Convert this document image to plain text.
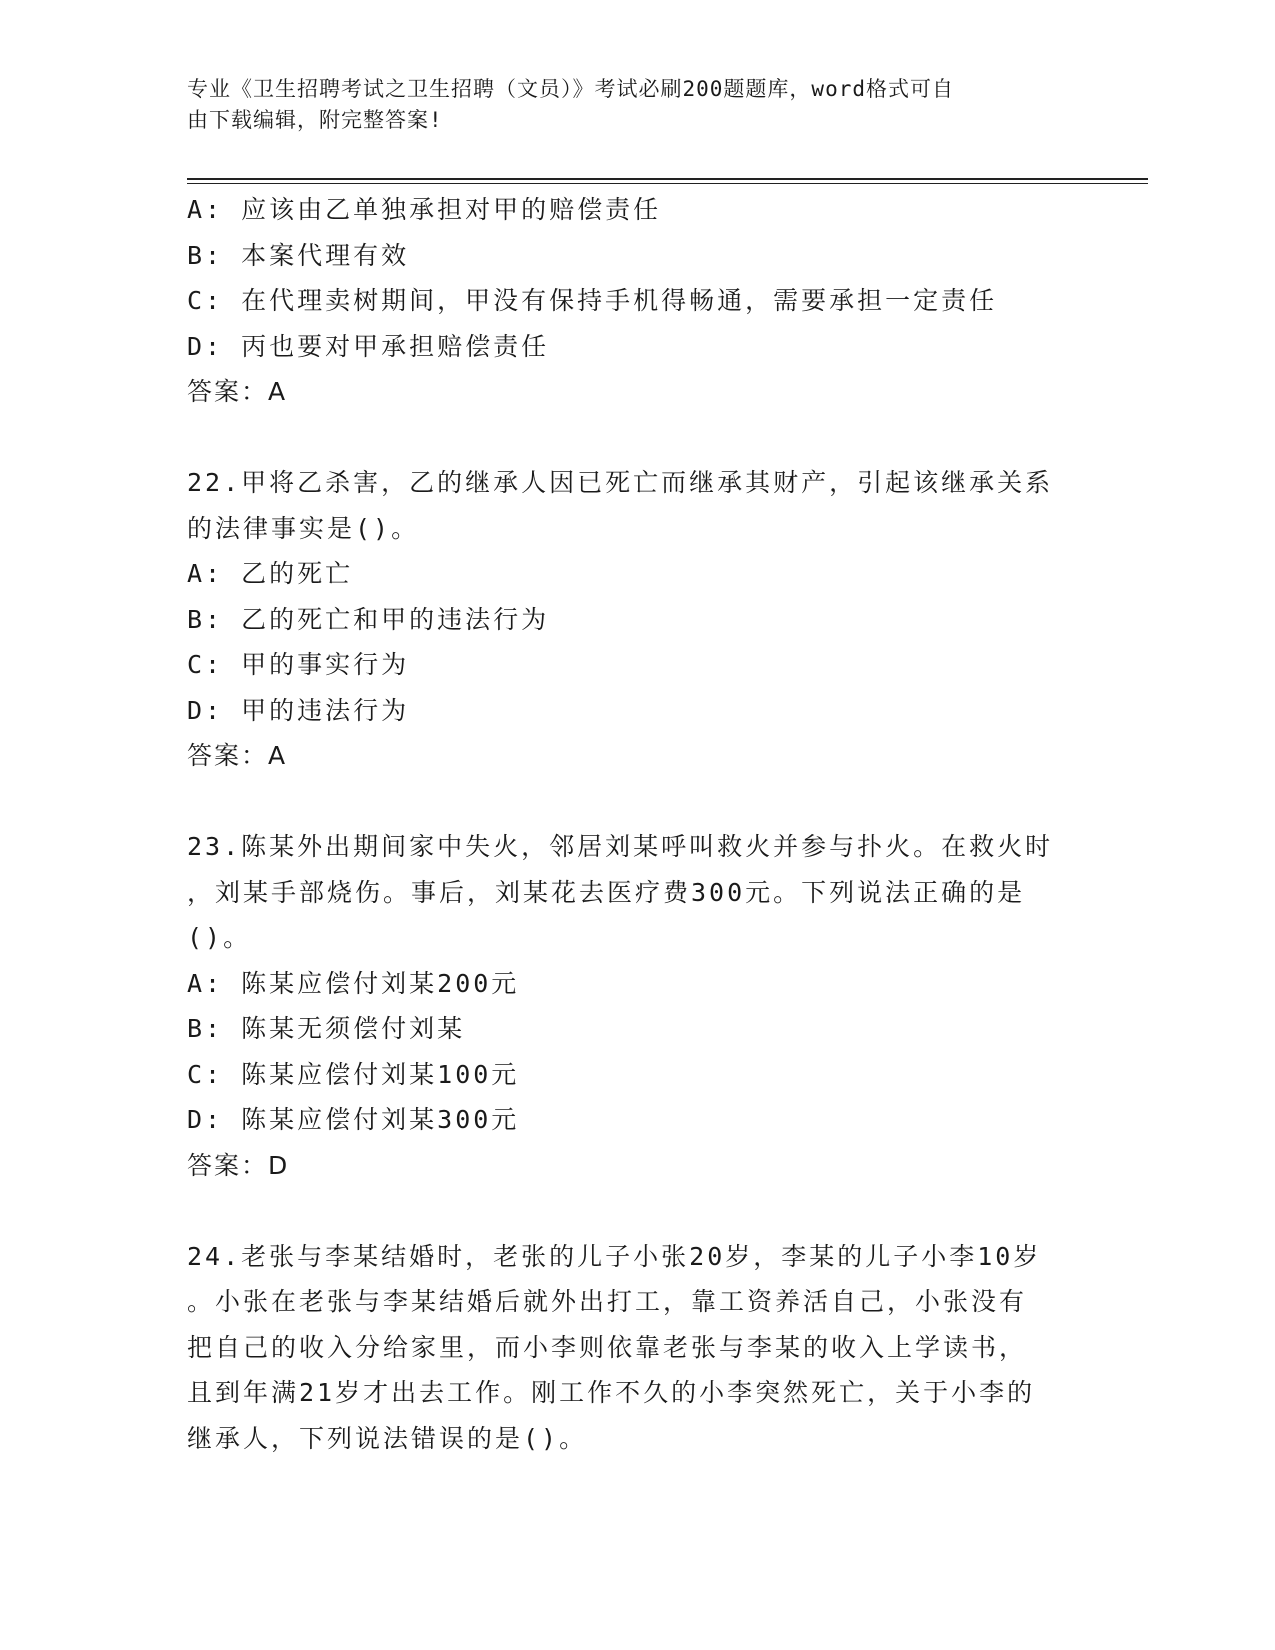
专业《卫生招聘考试之卫生招聘（文员）》考试必刷200题题库，word格式可自
由下载编辑，附完整答案!
A: 应该由乙单独承担对甲的赔偿责任
B: 本案代理有效
C: 在代理卖树期间，甲没有保持手机得畅通，需要承担一定责任
D: 丙也要对甲承担赔偿责任
答案：A
22.甲将乙杀害，乙的继承人因已死亡而继承其财产，引起该继承关系
的法律事实是()。
A: 乙的死亡
B: 乙的死亡和甲的违法行为
C: 甲的事实行为
D: 甲的违法行为
答案：A
23.陈某外出期间家中失火，邻居刘某呼叫救火并参与扑火。在救火时
，刘某手部烧伤。事后，刘某花去医疗费300元。下列说法正确的是
()。
A: 陈某应偿付刘某200元
B: 陈某无须偿付刘某
C: 陈某应偿付刘某100元
D: 陈某应偿付刘某300元
答案：D
24.老张与李某结婚时，老张的儿子小张20岁，李某的儿子小李10岁
。小张在老张与李某结婚后就外出打工，靠工资养活自己，小张没有
把自己的收入分给家里，而小李则依靠老张与李某的收入上学读书，
且到年满21岁才出去工作。刚工作不久的小李突然死亡，关于小李的
继承人，下列说法错误的是()。
